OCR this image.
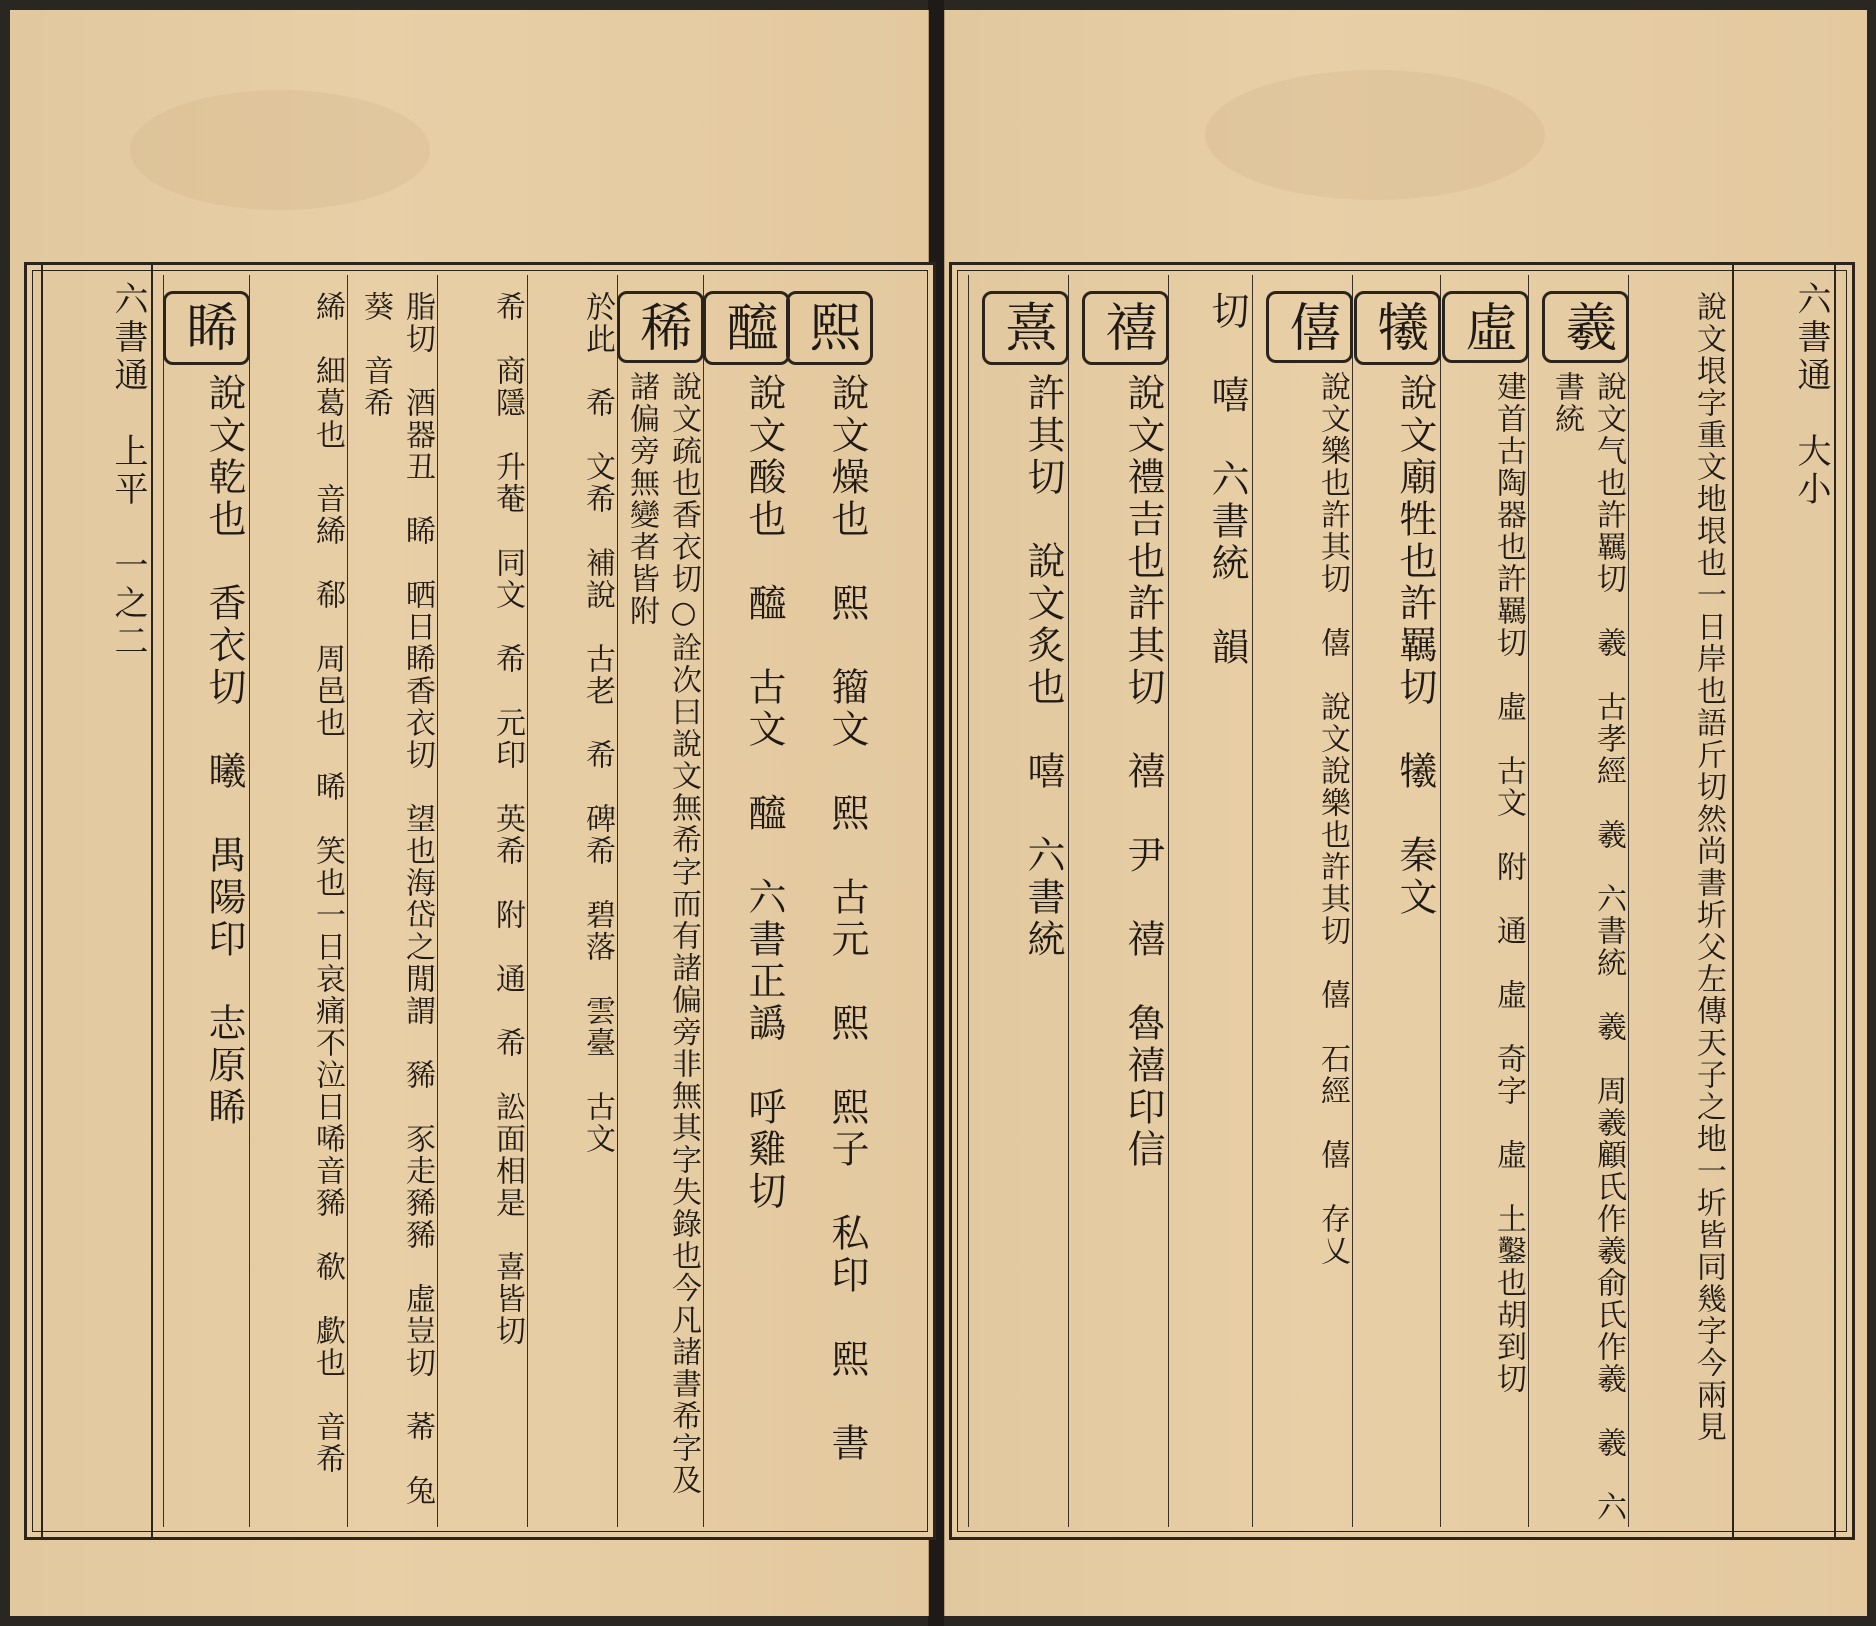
熙
說文燥也　熙　籀文　熙　古元　熙　熙子　私印　熙　書
醯
說文酸也　醯　古文　醯　六書正譌　呼雞切
稀
說文疏也香衣切○詮次曰說文無希字而有諸偏旁非無其字失錄也今凡諸書希字及諸偏旁無變者皆附
於此　希　文希　補說　古老　希　碑希　碧落　雲臺　古文
希　商隱　升菴　同文　希　元印　英希　附　通　希　訟面相是　喜皆切
脂切　酒器丑　睎　晒日睎香衣切　望也海岱之閒謂　豨　豕走豨豨　虛豈切　莃　兔葵　音希
絺　細葛也　音絺　郗　周邑也　晞　笑也一日哀痛不泣日唏音豨　欷　歔也　音希
睎
說文乾也　香衣切　曦　禺陽印　志原睎
六書通

上平

一之二
六書通

大小
說文垠字重文地垠也一日岸也語斤切然尚書圻父左傳天子之地一圻皆同幾字今兩見
羲
說文气也許羈切　羲　古孝經　羲　六書統　羲　周羲顧氏作羲俞氏作羲　羲　六書統
虛
建首古陶器也許羈切　虛　古文　附　通　虛　奇字　虛　土鑿也胡到切
犧
說文廟牲也許羈切　犧　秦文
僖
說文樂也許其切　僖　說文說樂也許其切　僖　石經　僖　存乂
切　嘻　六書統　韻
禧
說文禮吉也許其切　禧　尹　禧　魯禧印信
熹
許其切　說文炙也　嘻　六書統
